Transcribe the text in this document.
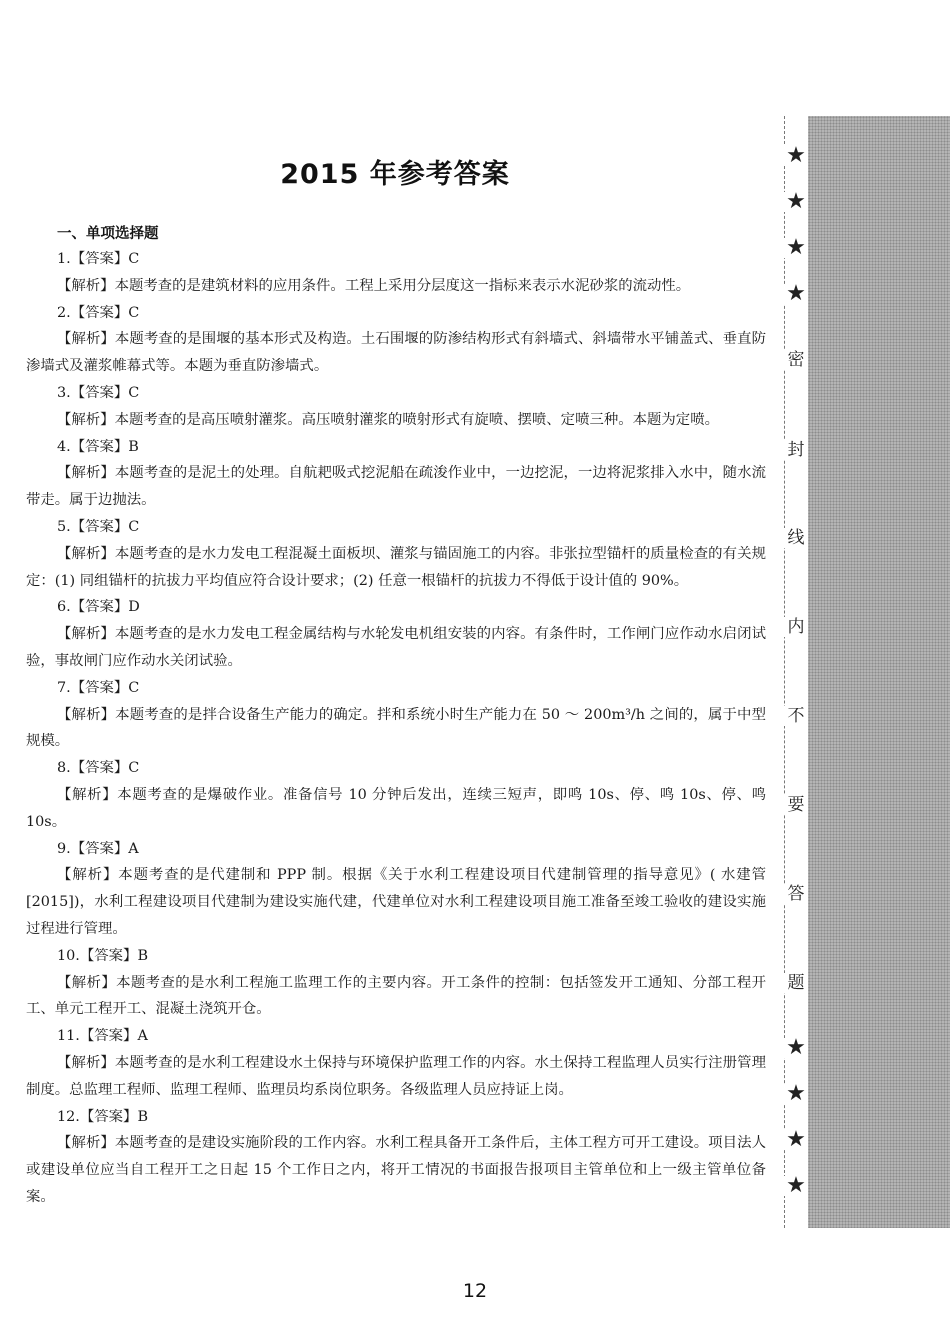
2015 年参考答案
一、单项选择题

1.【答案】C

【解析】本题考查的是建筑材料的应用条件。工程上采用分层度这一指标来表示水泥砂浆的流动性。

2.【答案】C

【解析】本题考查的是围堰的基本形式及构造。土石围堰的防渗结构形式有斜墙式、斜墙带水平铺盖式、垂直防渗墙式及灌浆帷幕式等。本题为垂直防渗墙式。

3.【答案】C

【解析】本题考查的是高压喷射灌浆。高压喷射灌浆的喷射形式有旋喷、摆喷、定喷三种。本题为定喷。

4.【答案】B

【解析】本题考查的是泥土的处理。自航耙吸式挖泥船在疏浚作业中，一边挖泥，一边将泥浆排入水中，随水流带走。属于边抛法。

5.【答案】C

【解析】本题考查的是水力发电工程混凝土面板坝、灌浆与锚固施工的内容。非张拉型锚杆的质量检查的有关规定：(1) 同组锚杆的抗拔力平均值应符合设计要求；(2) 任意一根锚杆的抗拔力不得低于设计值的 90%。

6.【答案】D

【解析】本题考查的是水力发电工程金属结构与水轮发电机组安装的内容。有条件时，工作闸门应作动水启闭试验，事故闸门应作动水关闭试验。

7.【答案】C

【解析】本题考查的是拌合设备生产能力的确定。拌和系统小时生产能力在 50 ～ 200m³/h 之间的，属于中型规模。

8.【答案】C

【解析】本题考查的是爆破作业。准备信号 10 分钟后发出，连续三短声，即鸣 10s、停、鸣 10s、停、鸣 10s。

9.【答案】A

【解析】本题考查的是代建制和 PPP 制。根据《关于水利工程建设项目代建制管理的指导意见》( 水建管 [2015])，水利工程建设项目代建制为建设实施代建，代建单位对水利工程建设项目施工准备至竣工验收的建设实施过程进行管理。

10.【答案】B

【解析】本题考查的是水利工程施工监理工作的主要内容。开工条件的控制：包括签发开工通知、分部工程开工、单元工程开工、混凝土浇筑开仓。

11.【答案】A

【解析】本题考查的是水利工程建设水土保持与环境保护监理工作的内容。水土保持工程监理人员实行注册管理制度。总监理工程师、监理工程师、监理员均系岗位职务。各级监理人员应持证上岗。

12.【答案】B

【解析】本题考查的是建设实施阶段的工作内容。水利工程具备开工条件后，主体工程方可开工建设。项目法人或建设单位应当自工程开工之日起 15 个工作日之内，将开工情况的书面报告报项目主管单位和上一级主管单位备案。

★
★
★
★
密
封
线
内
不
要
答
题
★
★
★
★
12
